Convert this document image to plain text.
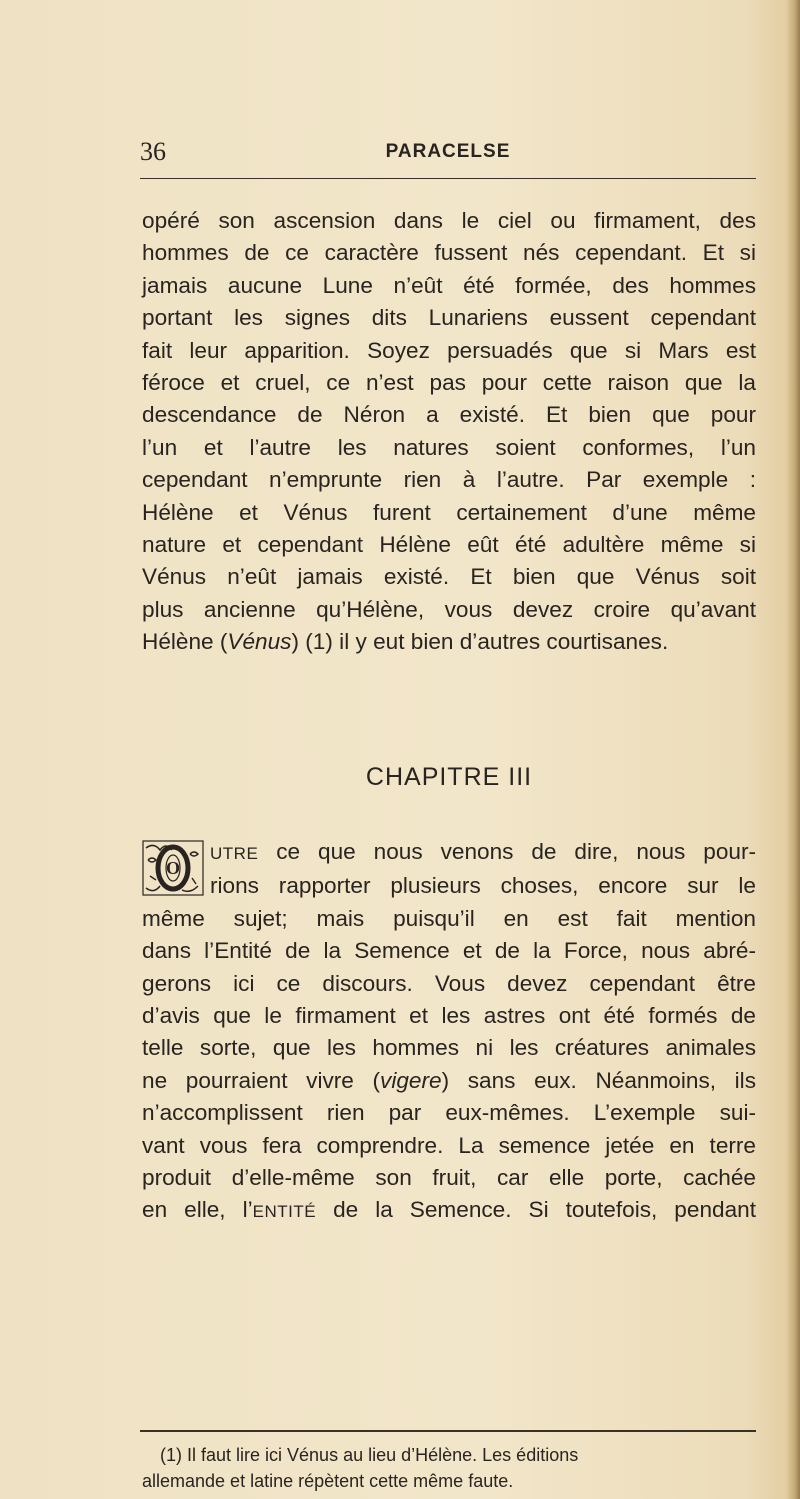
36	PARACELSE

opéré son ascension dans le ciel ou firmament, des

hommes de ce caractère fussent nés cependant. Et si

jamais aucune Lune n’eût été formée, des hommes

portant les signes dits Lunariens eussent cependant

fait leur apparition. Soyez persuadés que si Mars est

féroce et cruel, ce n’est pas pour cette raison que la

descendance de Néron a existé. Et bien que pour

l’un et l’autre les natures soient conformes, l’un

cependant n’emprunte rien à l’autre. Par exemple :

Hélène et Vénus furent certainement d’une même

nature et cependant Hélène eût été adultère même si

Vénus n’eût jamais existé. Et bien que Vénus soit

plus ancienne qu’Hélène, vous devez croire qu’avant

Hélène (Vénus) (1) il y eut bien d’autres courtisanes.

CHAPITRE III
O

UTRE ce que nous venons de dire, nous pour-

rions rapporter plusieurs choses, encore sur le

même sujet; mais puisqu’il en est fait mention

dans l’Entité de la Semence et de la Force, nous abré-

gerons ici ce discours. Vous devez cependant être

d’avis que le firmament et les astres ont été formés de

telle sorte, que les hommes ni les créatures animales

ne pourraient vivre (vigere) sans eux. Néanmoins, ils

n’accomplissent rien par eux-mêmes. L’exemple sui-

vant vous fera comprendre. La semence jetée en terre

produit d’elle-même son fruit, car elle porte, cachée

en elle, l’ENTITÉ de la Semence. Si toutefois, pendant

(1) Il faut lire ici Vénus au lieu d’Hélène. Les éditions

allemande et latine répètent cette même faute.
